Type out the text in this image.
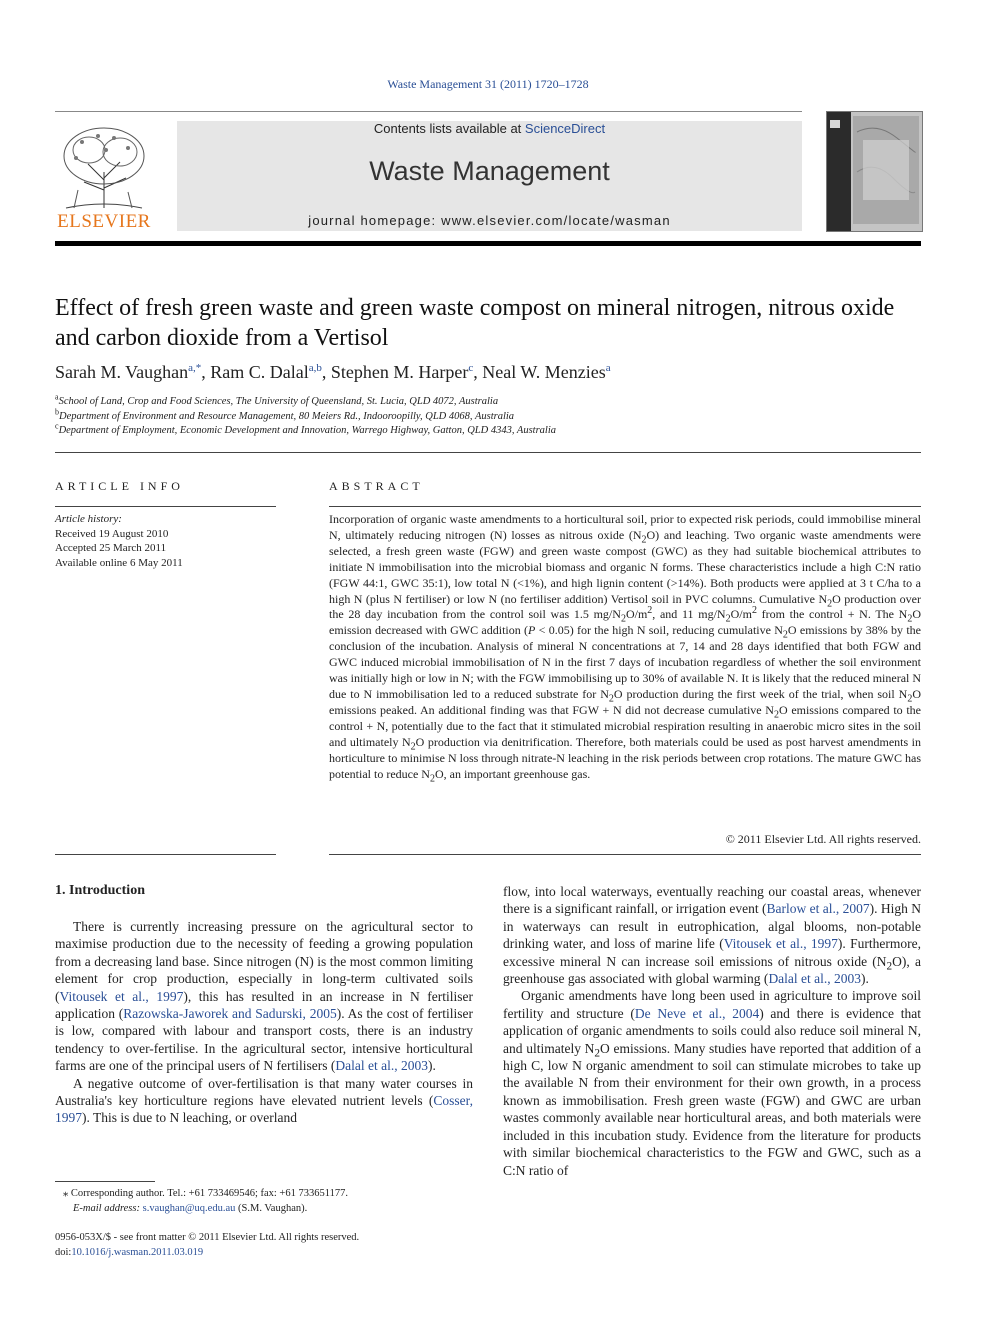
Waste Management 31 (2011) 1720–1728
ELSEVIER
Contents lists available at ScienceDirect
Waste Management
journal homepage: www.elsevier.com/locate/wasman
Effect of fresh green waste and green waste compost on mineral nitrogen, nitrous oxide and carbon dioxide from a Vertisol
Sarah M. Vaughan$^{a,*}$, Ram C. Dalal$^{a,b}$, Stephen M. Harper$^c$, Neal W. Menzies$^a$
$^a$School of Land, Crop and Food Sciences, The University of Queensland, St. Lucia, QLD 4072, Australia
$^b$Department of Environment and Resource Management, 80 Meiers Rd., Indooroopilly, QLD 4068, Australia
$^c$Department of Employment, Economic Development and Innovation, Warrego Highway, Gatton, QLD 4343, Australia
ARTICLE INFO	ABSTRACT
Article history:
Received 19 August 2010
Accepted 25 March 2011
Available online 6 May 2011
Incorporation of organic waste amendments to a horticultural soil, prior to expected risk periods, could immobilise mineral N, ultimately reducing nitrogen (N) losses as nitrous oxide $(N_2O)$ and leaching. Two organic waste amendments were selected, a fresh green waste (FGW) and green waste compost (GWC) as they had suitable biochemical attributes to initiate N immobilisation into the microbial biomass and organic N forms. These characteristics include a high C:N ratio (FGW 44:1, GWC 35:1), low total N (<1%), and high lignin content (>14%). Both products were applied at 3 t C/ha to a high N (plus N fertiliser) or low N (no fertiliser addition) Vertisol soil in PVC columns. Cumulative $N_2O$ production over the 28 day incubation from the control soil was 1.5 $mg/N_2O/m^2$, and 11 $mg/N_2O/m^2$ from the control + N. The $N_2O$ emission decreased with GWC addition (P < 0.05) for the high N soil, reducing cumulative $N_2O$ emissions by 38% by the conclusion of the incubation. Analysis of mineral N concentrations at 7, 14 and 28 days identified that both FGW and GWC induced microbial immobilisation of N in the first 7 days of incubation regardless of whether the soil environment was initially high or low in N; with the FGW immobilising up to 30% of available N. It is likely that the reduced mineral N due to N immobilisation led to a reduced substrate for $N_2O$ production during the first week of the trial, when soil $N_2O$ emissions peaked. An additional finding was that FGW + N did not decrease cumulative $N_2O$ emissions compared to the control + N, potentially due to the fact that it stimulated microbial respiration resulting in anaerobic micro sites in the soil and ultimately $N_2O$ production via denitrification. Therefore, both materials could be used as post harvest amendments in horticulture to minimise N loss through nitrate-N leaching in the risk periods between crop rotations. The mature GWC has potential to reduce $N_2O$, an important greenhouse gas.
© 2011 Elsevier Ltd. All rights reserved.
1. Introduction

There is currently increasing pressure on the agricultural sector to maximise production due to the necessity of feeding a growing population from a decreasing land base. Since nitrogen (N) is the most common limiting element for crop production, especially in long-term cultivated soils (Vitousek et al., 1997), this has resulted in an increase in N fertiliser application (Razowska-Jaworek and Sadurski, 2005). As the cost of fertiliser is low, compared with labour and transport costs, there is an industry tendency to over-fertilise. In the agricultural sector, intensive horticultural farms are one of the principal users of N fertilisers (Dalal et al., 2003).

A negative outcome of over-fertilisation is that many water courses in Australia's key horticulture regions have elevated nutrient levels (Cosser, 1997). This is due to N leaching, or overland

flow, into local waterways, eventually reaching our coastal areas, whenever there is a significant rainfall, or irrigation event (Barlow et al., 2007). High N in waterways can result in eutrophication, algal blooms, non-potable drinking water, and loss of marine life (Vitousek et al., 1997). Furthermore, excessive mineral N can increase soil emissions of nitrous oxide $(N_2O)$, a greenhouse gas associated with global warming (Dalal et al., 2003).

Organic amendments have long been used in agriculture to improve soil fertility and structure (De Neve et al., 2004) and there is evidence that application of organic amendments to soils could also reduce soil mineral N, and ultimately $N_2O$ emissions. Many studies have reported that addition of a high C, low N organic amendment to soil can stimulate microbes to take up the available N from their environment for their own growth, in a process known as immobilisation. Fresh green waste (FGW) and GWC are urban wastes commonly available near horticultural areas, and both materials were included in this incubation study. Evidence from the literature for products with similar biochemical characteristics to the FGW and GWC, such as a C:N ratio of

⁎ Corresponding author. Tel.: +61 733469546; fax: +61 733651177.
E-mail address: s.vaughan@uq.edu.au (S.M. Vaughan).
0956-053X/$ - see front matter © 2011 Elsevier Ltd. All rights reserved.
doi:10.1016/j.wasman.2011.03.019
